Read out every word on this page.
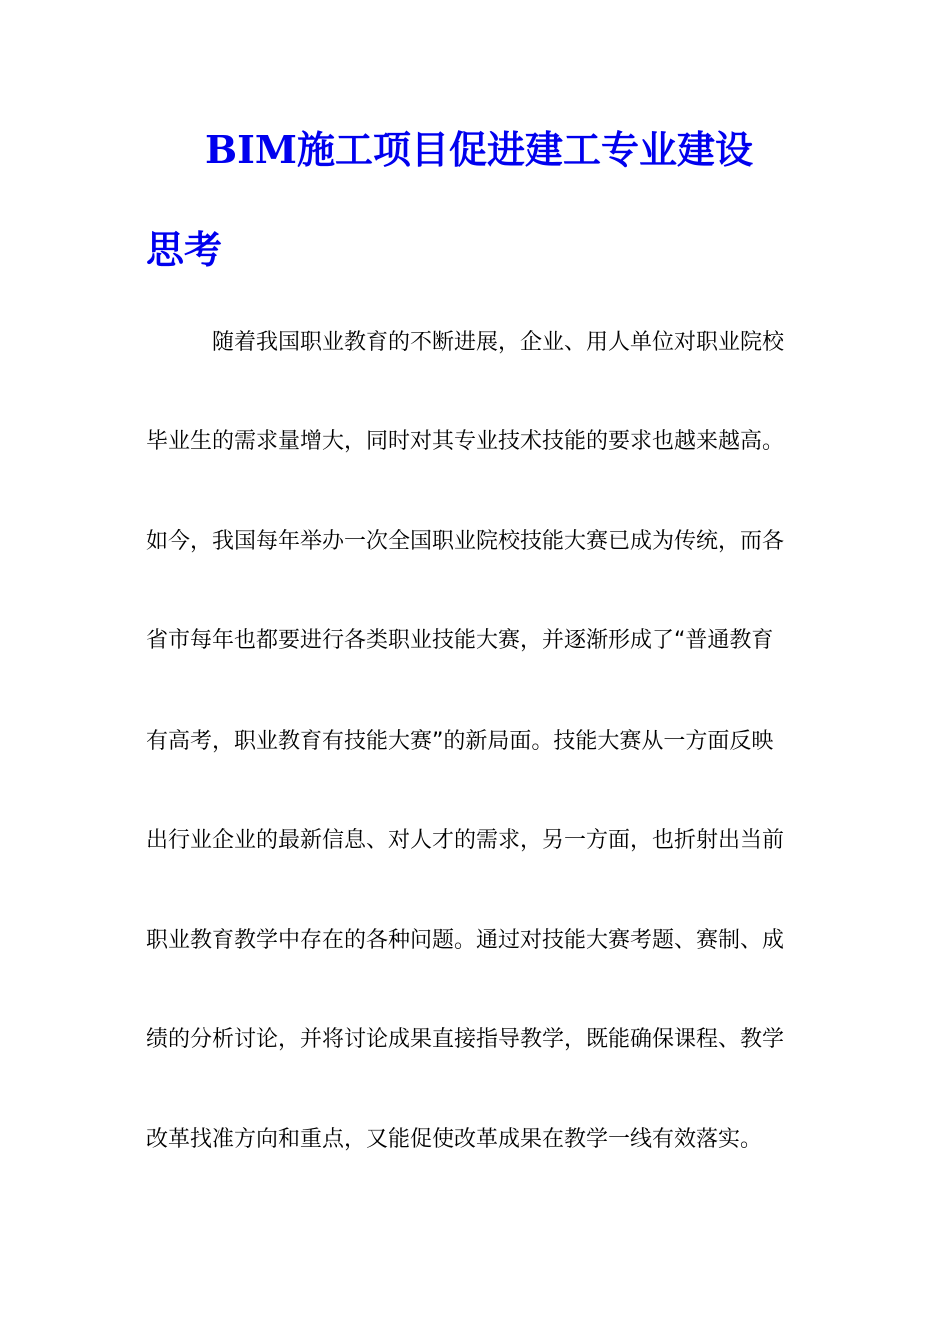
BIM施工项目促进建工专业建设
思考

随着我国职业教育的不断进展，企业、用人单位对职业院校

毕业生的需求量增大，同时对其专业技术技能的要求也越来越高。

如今，我国每年举办一次全国职业院校技能大赛已成为传统，而各

省市每年也都要进行各类职业技能大赛，并逐渐形成了“普通教育

有高考，职业教育有技能大赛”的新局面。技能大赛从一方面反映

出行业企业的最新信息、对人才的需求，另一方面，也折射出当前

职业教育教学中存在的各种问题。通过对技能大赛考题、赛制、成

绩的分析讨论，并将讨论成果直接指导教学，既能确保课程、教学

改革找准方向和重点，又能促使改革成果在教学一线有效落实。
